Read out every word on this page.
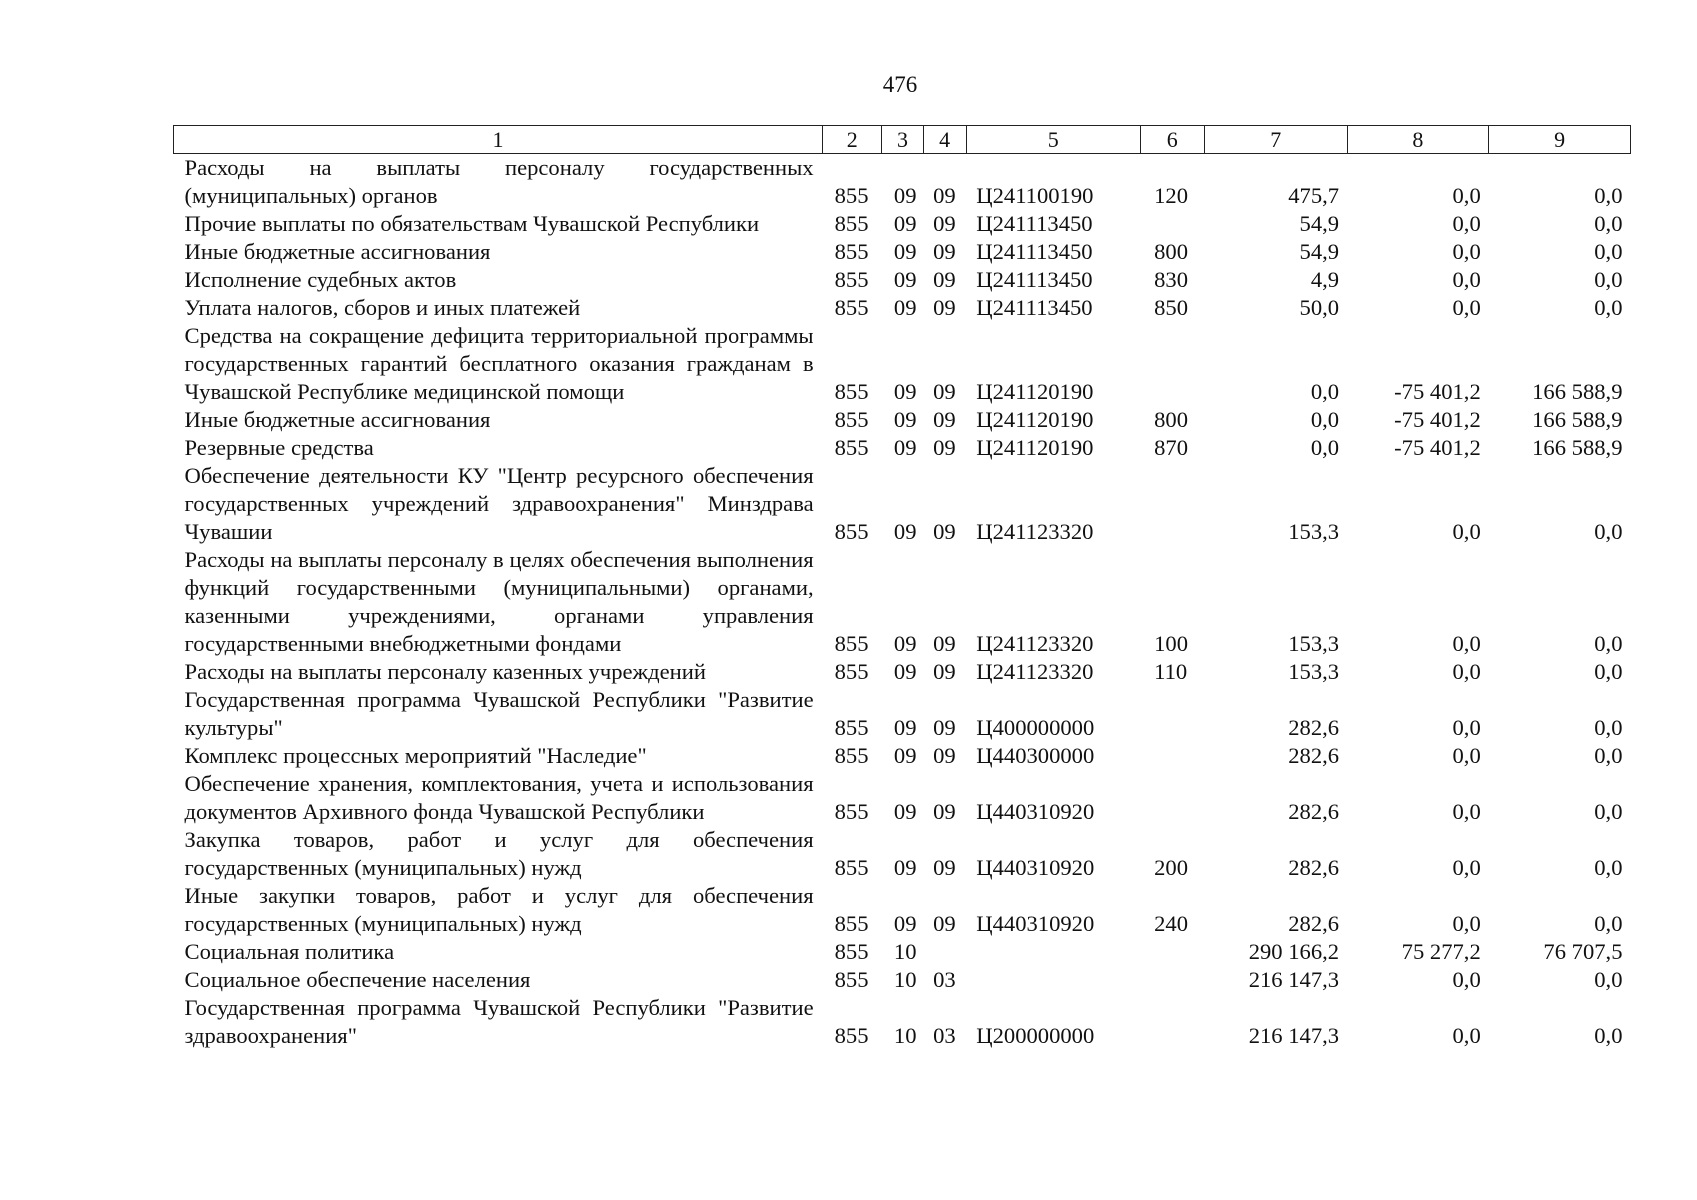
476
1	2	3	4	5	6	7	8	9
Расходы на выплаты персоналу государственных (муниципальных) органов	855	09	09	Ц241100190	120	475,7	0,0	0,0
Прочие выплаты по обязательствам Чувашской Республики	855	09	09	Ц241113450		54,9	0,0	0,0
Иные бюджетные ассигнования	855	09	09	Ц241113450	800	54,9	0,0	0,0
Исполнение судебных актов	855	09	09	Ц241113450	830	4,9	0,0	0,0
Уплата налогов, сборов и иных платежей	855	09	09	Ц241113450	850	50,0	0,0	0,0
Средства на сокращение дефицита территориальной программы государственных гарантий бесплатного оказания гражданам в Чувашской Республике медицинской помощи	855	09	09	Ц241120190		0,0	-75 401,2	166 588,9
Иные бюджетные ассигнования	855	09	09	Ц241120190	800	0,0	-75 401,2	166 588,9
Резервные средства	855	09	09	Ц241120190	870	0,0	-75 401,2	166 588,9
Обеспечение деятельности КУ "Центр ресурсного обеспечения государственных учреждений здравоохранения" Минздрава Чувашии	855	09	09	Ц241123320		153,3	0,0	0,0
Расходы на выплаты персоналу в целях обеспечения выполнения функций государственными (муниципальными) органами, казенными учреждениями, органами управления государственными внебюджетными фондами	855	09	09	Ц241123320	100	153,3	0,0	0,0
Расходы на выплаты персоналу казенных учреждений	855	09	09	Ц241123320	110	153,3	0,0	0,0
Государственная программа Чувашской Республики "Развитие культуры"	855	09	09	Ц400000000		282,6	0,0	0,0
Комплекс процессных мероприятий "Наследие"	855	09	09	Ц440300000		282,6	0,0	0,0
Обеспечение хранения, комплектования, учета и использования документов Архивного фонда Чувашской Республики	855	09	09	Ц440310920		282,6	0,0	0,0
Закупка товаров, работ и услуг для обеспечения государственных (муниципальных) нужд	855	09	09	Ц440310920	200	282,6	0,0	0,0
Иные закупки товаров, работ и услуг для обеспечения государственных (муниципальных) нужд	855	09	09	Ц440310920	240	282,6	0,0	0,0
Социальная политика	855	10				290 166,2	75 277,2	76 707,5
Социальное обеспечение населения	855	10	03			216 147,3	0,0	0,0
Государственная программа Чувашской Республики "Развитие здравоохранения"	855	10	03	Ц200000000		216 147,3	0,0	0,0
